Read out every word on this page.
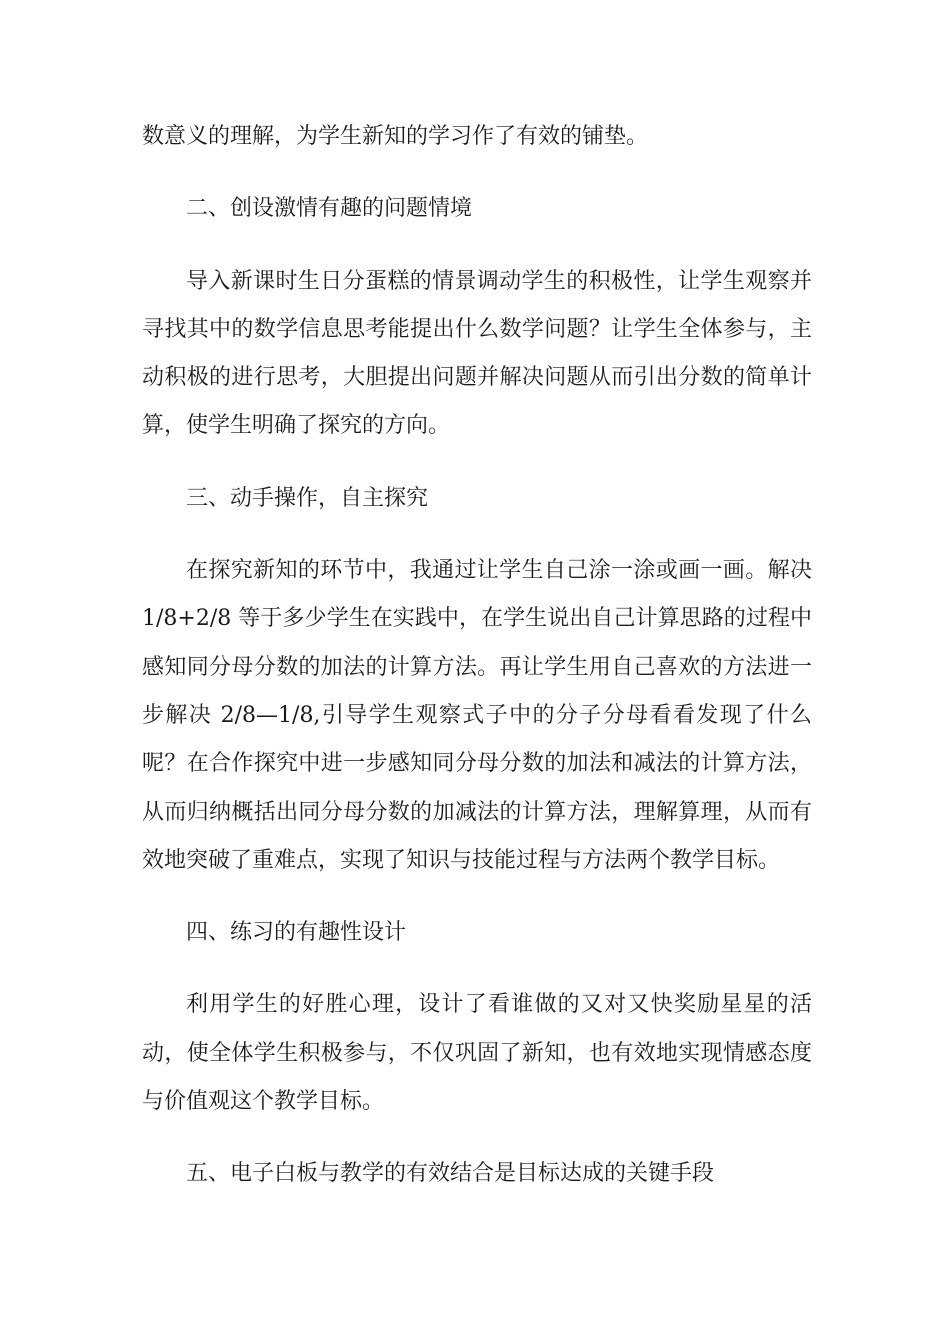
数意义的理解，为学生新知的学习作了有效的铺垫。

二、创设激情有趣的问题情境

导入新课时生日分蛋糕的情景调动学生的积极性，让学生观察并寻找其中的数学信息思考能提出什么数学问题？让学生全体参与，主动积极的进行思考，大胆提出问题并解决问题从而引出分数的简单计算，使学生明确了探究的方向。

三、动手操作，自主探究

在探究新知的环节中，我通过让学生自己涂一涂或画一画。解决 1/8+2/8 等于多少学生在实践中，在学生说出自己计算思路的过程中感知同分母分数的加法的计算方法。再让学生用自己喜欢的方法进一步解决 2/8—1/8,引导学生观察式子中的分子分母看看发现了什么呢？在合作探究中进一步感知同分母分数的加法和减法的计算方法，从而归纳概括出同分母分数的加减法的计算方法，理解算理，从而有效地突破了重难点，实现了知识与技能过程与方法两个教学目标。

四、练习的有趣性设计

利用学生的好胜心理，设计了看谁做的又对又快奖励星星的活动，使全体学生积极参与，不仅巩固了新知，也有效地实现情感态度与价值观这个教学目标。

五、电子白板与教学的有效结合是目标达成的关键手段
